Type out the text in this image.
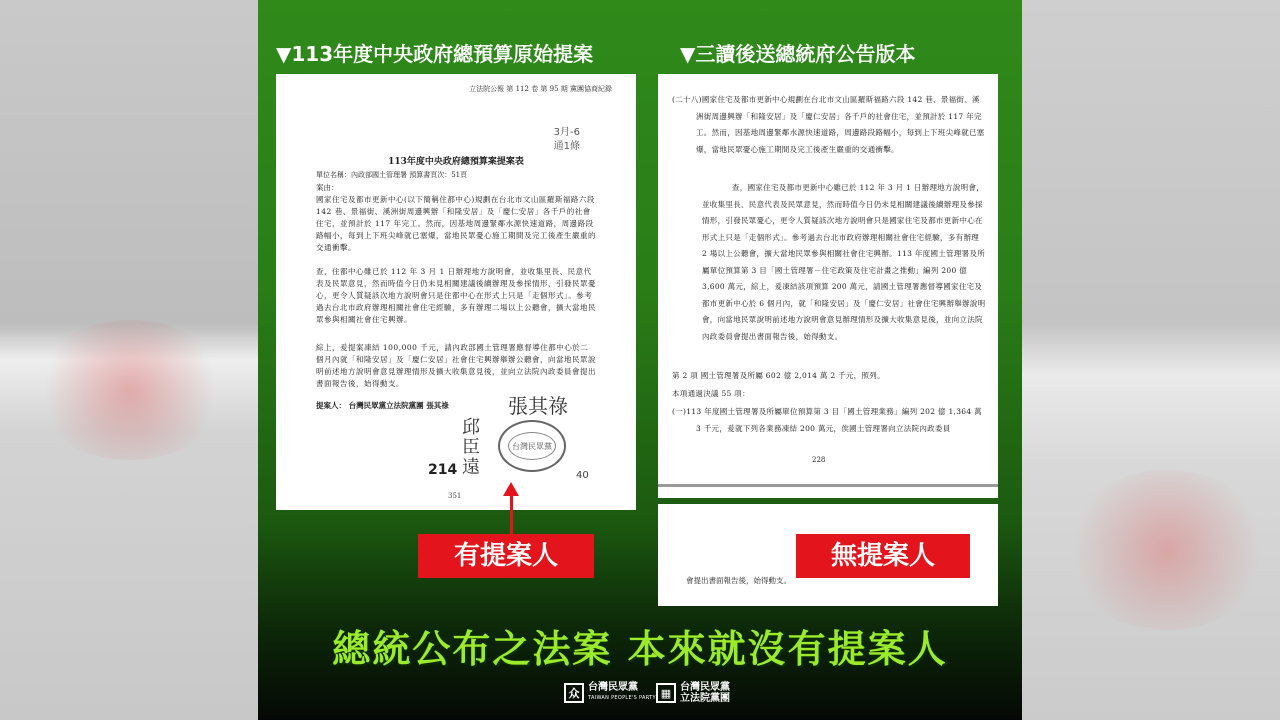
▼113年度中央政府總預算原始提案	▼三讀後送總統府公告版本
立法院公報 第 112 卷 第 95 期 黨團協商紀錄
3月-6
通1條
113年度中央政府總預算案提案表
單位名稱：內政部國土管理署 預算書頁次：51頁
案由：
國家住宅及都市更新中心(以下簡稱住都中心)規劃在台北市文山區羅斯福路六段 142 巷、景福街、溪洲街周邊興辦「和隆安居」及「慶仁安居」各千戶的社會住宅，並預計於 117 年完工。然而，因基地周邊緊鄰水源快速道路，周邊路段路幅小，每到上下班尖峰就已塞爆，當地民眾憂心施工期間及完工後產生嚴重的交通衝擊。
查，住都中心雖已於 112 年 3 月 1 日辦理地方說明會，並收集里長、民意代表及民眾意見，然而時值今日仍未見相關建議後續辦理及參採情形，引發民眾憂心，更令人質疑該次地方說明會只是住都中心在形式上只是「走個形式」。參考過去台北市政府辦理相關社會住宅經驗，多有辦理二場以上公聽會，擴大當地民眾參與相關社會住宅興辦。
綜上，爰提案凍結 100,000 千元，請內政部國土管理署應督導住都中心於二個月內就「和隆安居」及「慶仁安居」社會住宅興辦舉辦公聽會，向當地民眾說明前述地方說明會意見辦理情形及擴大收集意見後，並向立法院內政委員會提出書面報告後，始得動支。
提案人： 台灣民眾黨立法院黨團 張其祿	張其祿
邱
臣
遠
台灣民眾黨
214	40
351
(二十八)國家住宅及都市更新中心規劃在台北市文山區羅斯福路六段 142 巷、景福街、溪洲街周邊興辦「和隆安居」及「慶仁安居」各千戶的社會住宅，並預計於 117 年完工。然而，因基地周邊緊鄰水源快速道路，周邊路段路幅小，每到上下班尖峰就已塞爆，當地民眾憂心施工期間及完工後產生嚴重的交通衝擊。
查，國家住宅及都市更新中心雖已於 112 年 3 月 1 日辦理地方說明會，並收集里長、民意代表及民眾意見，然而時值今日仍未見相關建議後續辦理及參採情形，引發民眾憂心，更令人質疑該次地方說明會只是國家住宅及都市更新中心在形式上只是「走個形式」。參考過去台北市政府辦理相關社會住宅經驗，多有辦理 2 場以上公聽會，擴大當地民眾參與相關社會住宅興辦。113 年度國土管理署及所屬單位預算第 3 目「國土管理署－住宅政策及住宅計畫之推動」編列 200 億 3,600 萬元，綜上，爰凍結該項預算 200 萬元，請國土管理署應督導國家住宅及都市更新中心於 6 個月內，就「和隆安居」及「慶仁安居」社會住宅興辦舉辦說明會，向當地民眾說明前述地方說明會意見辦理情形及擴大收集意見後，並向立法院內政委員會提出書面報告後，始得動支。
第 2 項 國土管理署及所屬 602 億 2,014 萬 2 千元，照列。
本項通過決議 55 項：
(一)113 年度國土管理署及所屬單位預算第 3 目「國土管理業務」編列 202 億 1,364 萬 3 千元，爰就下列各業務凍結 200 萬元，俟國土管理署向立法院內政委員
228
會提出書面報告後，始得動支。
有提案人	無提案人
總統公布之法案 本來就沒有提案人
众 台灣民眾黨
TAIWAN PEOPLE'S PARTY ▦ 台灣民眾黨
立法院黨團
